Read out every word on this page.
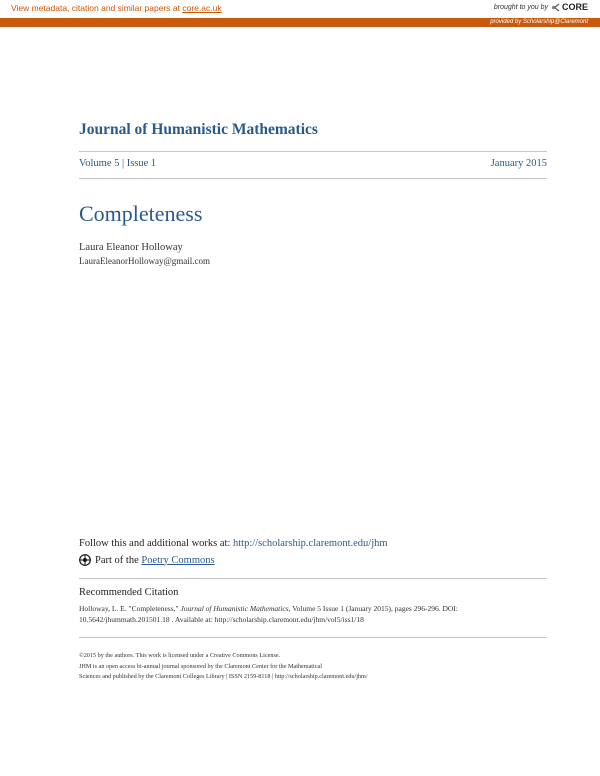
View metadata, citation and similar papers at core.ac.uk	brought to you by CORE
provided by Scholarship@Claremont
Journal of Humanistic Mathematics
Volume 5 | Issue 1	January 2015
Completeness
Laura Eleanor Holloway
LauraEleanorHolloway@gmail.com
Follow this and additional works at: http://scholarship.claremont.edu/jhm
Part of the Poetry Commons
Recommended Citation
Holloway, L. E. "Completeness," Journal of Humanistic Mathematics, Volume 5 Issue 1 (January 2015), pages 296-296. DOI: 10.5642/jhummath.201501.18 . Available at: http://scholarship.claremont.edu/jhm/vol5/iss1/18

©2015 by the authors. This work is licensed under a Creative Commons License.

JHM is an open access bi-annual journal sponsored by the Claremont Center for the Mathematical

Sciences and published by the Claremont Colleges Library | ISSN 2159-8118 | http://scholarship.claremont.edu/jhm/
